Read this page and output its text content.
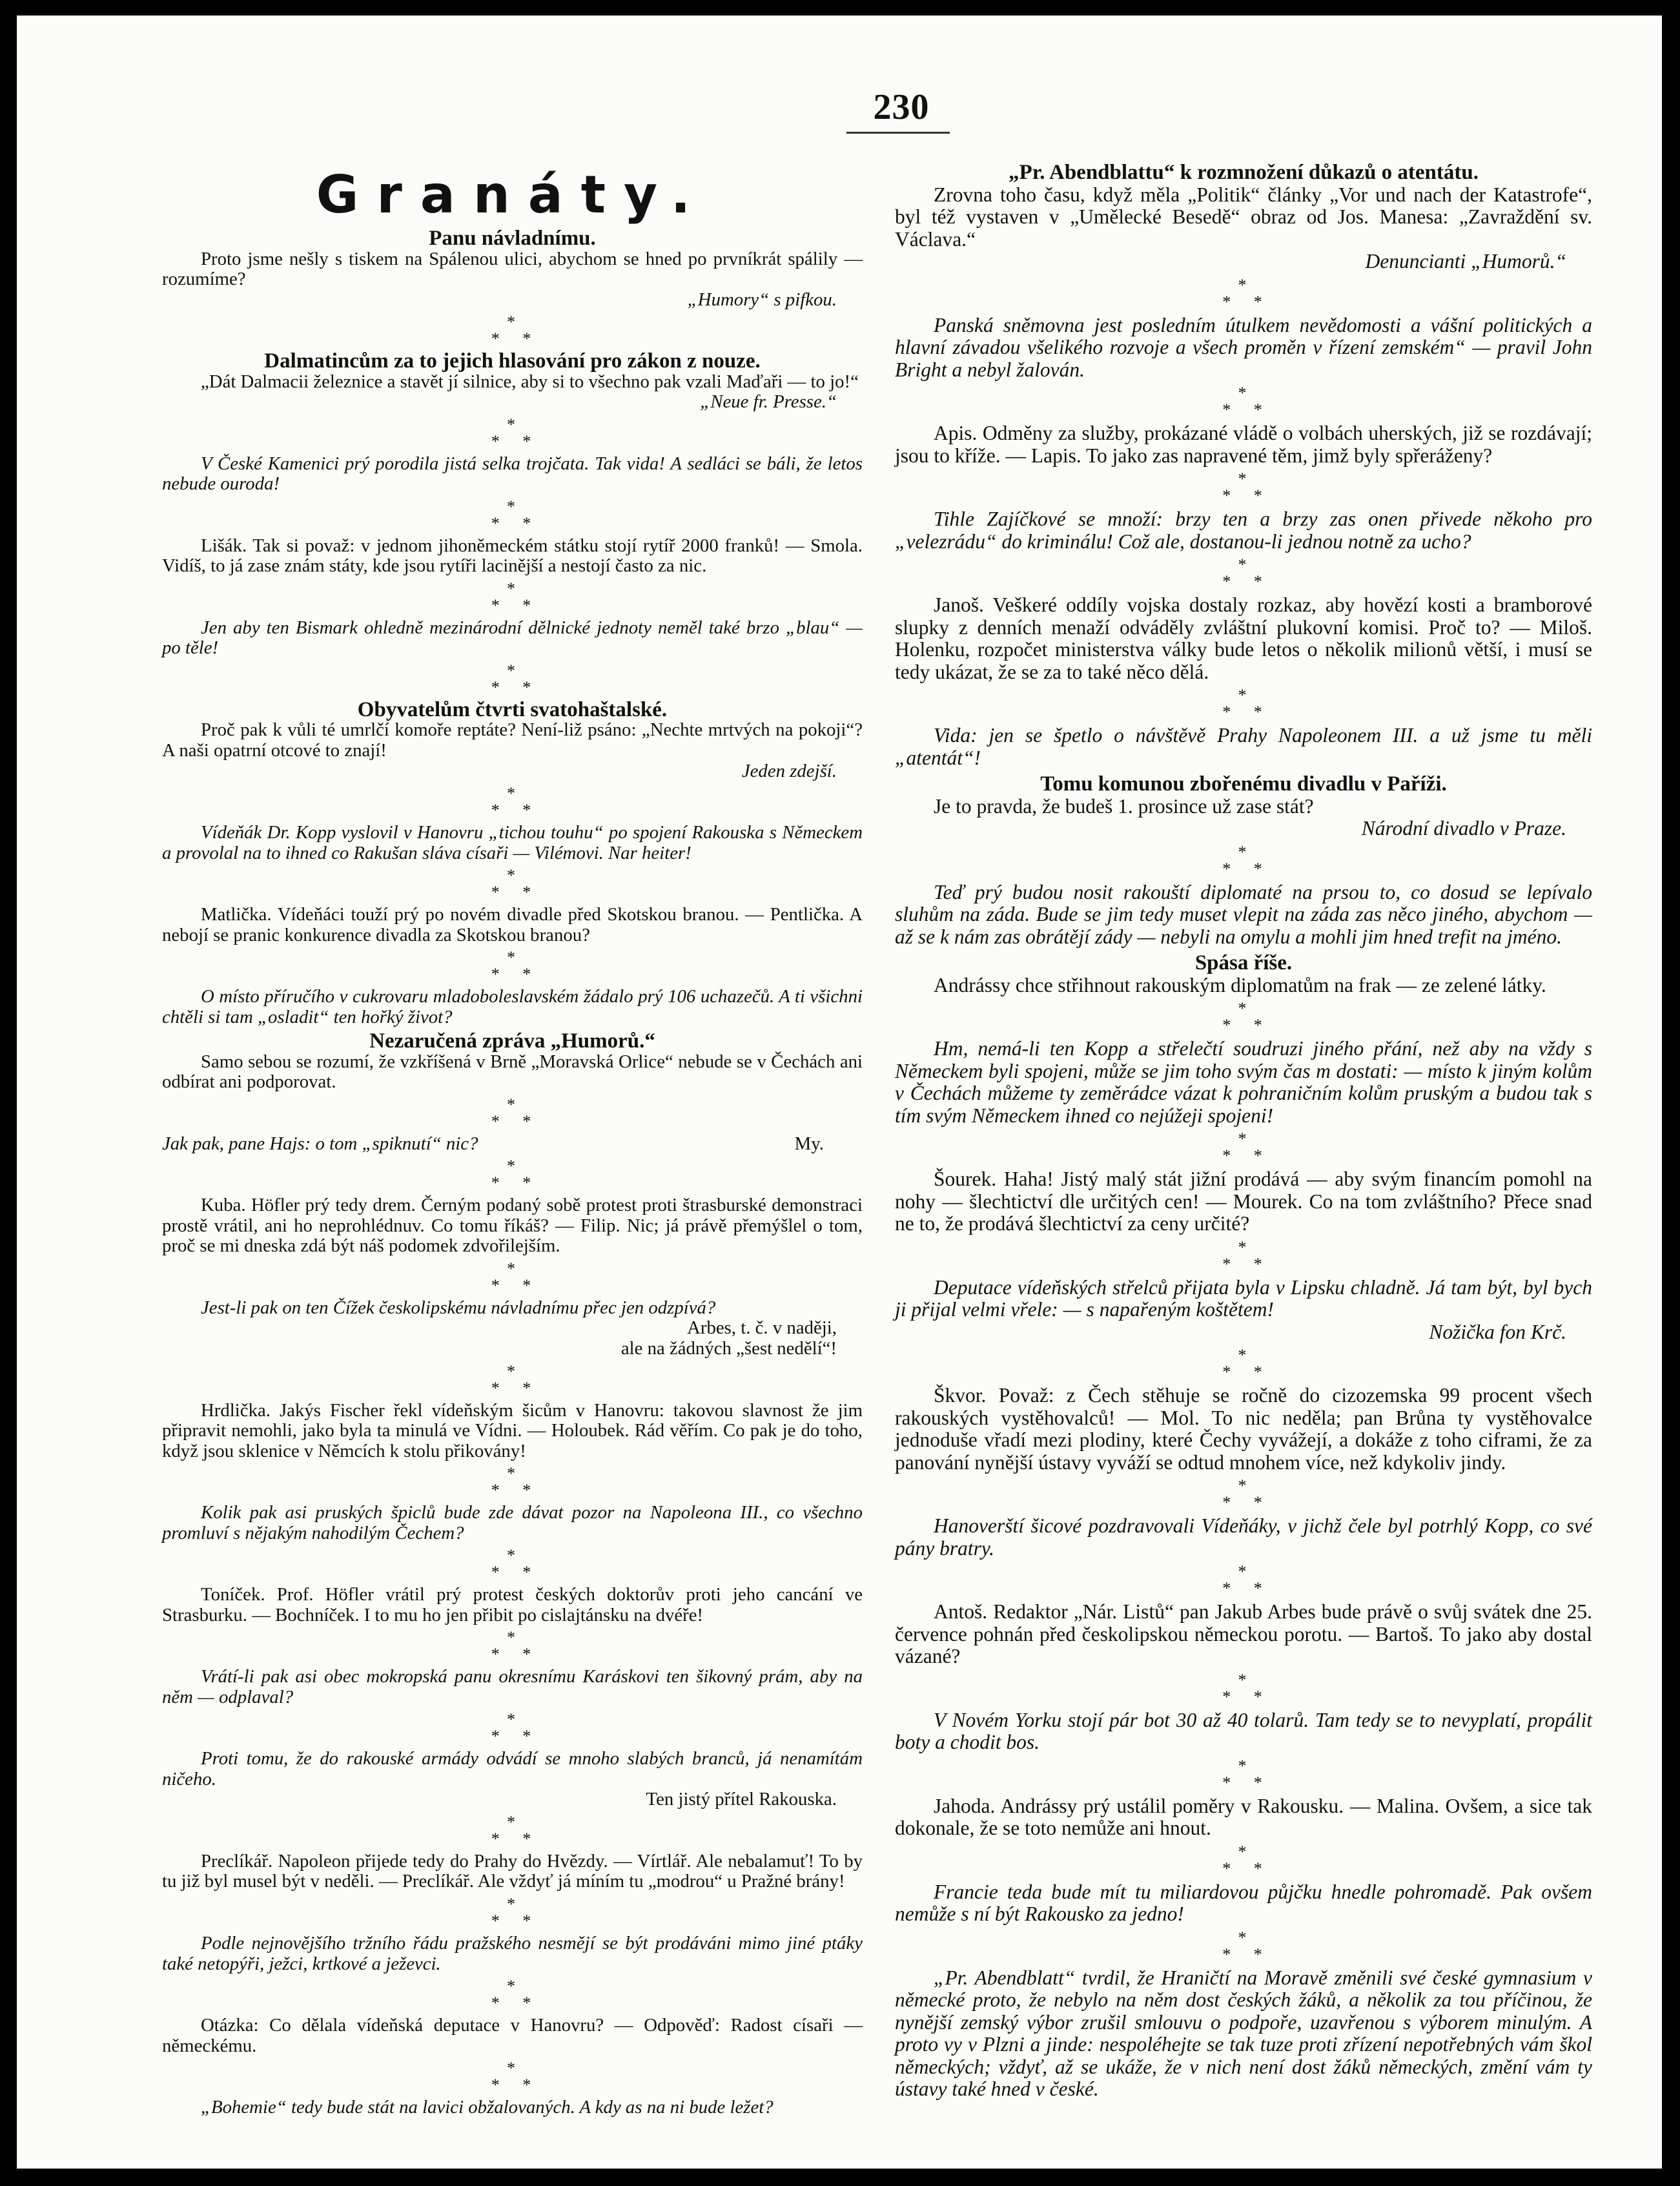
230
Granáty.
Panu návladnímu.
Proto jsme nešly s tiskem na Spálenou ulici, abychom se hned po prvníkrát spálily — rozumíme?
„Humory“ s pifkou.
*
*   *
Dalmatincům za to jejich hlasování pro zákon z nouze.
„Dát Dalmacii železnice a stavět jí silnice, aby si to všechno pak vzali Maďaři — to jo!“
„Neue fr. Presse.“
*
*   *
V České Kamenici prý porodila jistá selka trojčata. Tak vida! A sedláci se báli, že letos nebude ouroda!
*
*   *
Lišák. Tak si považ: v jednom jihoněmeckém státku stojí rytíř 2000 franků! — Smola. Vidíš, to já zase znám státy, kde jsou rytíři lacinější a nestojí často za nic.
*
*   *
Jen aby ten Bismark ohledně mezinárodní dělnické jednoty neměl také brzo „blau“ — po těle!
*
*   *
Obyvatelům čtvrti svatohaštalské.
Proč pak k vůli té umrlčí komoře reptáte? Není-liž psáno: „Nechte mrtvých na pokoji“? A naši opatrní otcové to znají!
Jeden zdejší.
*
*   *
Vídeňák Dr. Kopp vyslovil v Hanovru „tichou touhu“ po spojení Rakouska s Německem a provolal na to ihned co Rakušan sláva císaři — Vilémovi. Nar heiter!
*
*   *
Matlička. Vídeňáci touží prý po novém divadle před Skotskou branou. — Pentlička. A nebojí se pranic konkurence divadla za Skotskou branou?
*
*   *
O místo příručího v cukrovaru mladoboleslavském žádalo prý 106 uchazečů. A ti všichni chtěli si tam „osladit“ ten hořký život?
Nezaručená zpráva „Humorů.“
Samo sebou se rozumí, že vzkříšená v Brně „Moravská Orlice“ nebude se v Čechách ani odbírat ani podporovat.
*
*   *
Jak pak, pane Hajs: o tom „spiknutí“ nic?	My.
*
*   *
Kuba. Höfler prý tedy drem. Černým podaný sobě protest proti štrasburské demonstraci prostě vrátil, ani ho neprohlédnuv. Co tomu říkáš? — Filip. Nic; já právě přemýšlel o tom, proč se mi dneska zdá být náš podomek zdvořilejším.
*
*   *
Jest-li pak on ten Čížek českolipskému návladnímu přec jen odzpívá?
Arbes, t. č. v naději,
ale na žádných „šest nedělí“!
*
*   *
Hrdlička. Jakýs Fischer řekl vídeňským šicům v Hanovru: takovou slavnost že jim připravit nemohli, jako byla ta minulá ve Vídni. — Holoubek. Rád věřím. Co pak je do toho, když jsou sklenice v Němcích k stolu přikovány!
*
*   *
Kolik pak asi pruských špiclů bude zde dávat pozor na Napoleona III., co všechno promluví s nějakým nahodilým Čechem?
*
*   *
Toníček. Prof. Höfler vrátil prý protest českých doktorův proti jeho cancání ve Strasburku. — Bochníček. I to mu ho jen přibit po cislajtánsku na dvéře!
*
*   *
Vrátí-li pak asi obec mokropská panu okresnímu Karáskovi ten šikovný prám, aby na něm — odplaval?
*
*   *
Proti tomu, že do rakouské armády odvádí se mnoho slabých branců, já nenamítám ničeho.
Ten jistý přítel Rakouska.
*
*   *
Preclíkář. Napoleon přijede tedy do Prahy do Hvězdy. — Vírtlář. Ale nebalamuť! To by tu již byl musel být v neděli. — Preclíkář. Ale vždyť já míním tu „modrou“ u Pražné brány!
*
*   *
Podle nejnovějšího tržního řádu pražského nesmějí se být prodáváni mimo jiné ptáky také netopýři, ježci, krtkové a ježevci.
*
*   *
Otázka: Co dělala vídeňská deputace v Hanovru? — Odpověď: Radost císaři — německému.
*
*   *
„Bohemie“ tedy bude stát na lavici obžalovaných. A kdy as na ni bude ležet?
„Pr. Abendblattu“ k rozmnožení důkazů o atentátu.
Zrovna toho času, když měla „Politik“ články „Vor und nach der Katastrofe“, byl též vystaven v „Umělecké Besedě“ obraz od Jos. Manesa: „Zavraždění sv. Václava.“
Denuncianti „Humorů.“
*
*   *
Panská sněmovna jest posledním útulkem nevědomosti a vášní politických a hlavní závadou všelikého rozvoje a všech proměn v řízení zemském“ — pravil John Bright a nebyl žalován.
*
*   *
Apis. Odměny za služby, prokázané vládě o volbách uherských, již se rozdávají; jsou to kříže. — Lapis. To jako zas napravené těm, jimž byly spřeráženy?
*
*   *
Tihle Zajíčkové se množí: brzy ten a brzy zas onen přivede někoho pro „velezrádu“ do kriminálu! Což ale, dostanou-li jednou notně za ucho?
*
*   *
Janoš. Veškeré oddíly vojska dostaly rozkaz, aby hovězí kosti a bramborové slupky z denních menaží odváděly zvláštní plukovní komisi. Proč to? — Miloš. Holenku, rozpočet ministerstva války bude letos o několik milionů větší, i musí se tedy ukázat, že se za to také něco dělá.
*
*   *
Vida: jen se špetlo o návštěvě Prahy Napoleonem III. a už jsme tu měli „atentát“!
Tomu komunou zbořenému divadlu v Paříži.
Je to pravda, že budeš 1. prosince už zase stát?
Národní divadlo v Praze.
*
*   *
Teď prý budou nosit rakouští diplomaté na prsou to, co dosud se lepívalo sluhům na záda. Bude se jim tedy muset vlepit na záda zas něco jiného, abychom — až se k nám zas obrátějí zády — nebyli na omylu a mohli jim hned trefit na jméno.
Spása říše.
Andrássy chce střihnout rakouským diplomatům na frak — ze zelené látky.
*
*   *
Hm, nemá-li ten Kopp a střelečtí soudruzi jiného přání, než aby na vždy s Německem byli spojeni, může se jim toho svým čas m dostati: — místo k jiným kolům v Čechách můžeme ty zeměrádce vázat k pohraničním kolům pruským a budou tak s tím svým Německem ihned co nejúžeji spojeni!
*
*   *
Šourek. Haha! Jistý malý stát jižní prodává — aby svým financím pomohl na nohy — šlechtictví dle určitých cen! — Mourek. Co na tom zvláštního? Přece snad ne to, že prodává šlechtictví za ceny určité?
*
*   *
Deputace vídeňských střelců přijata byla v Lipsku chladně. Já tam být, byl bych ji přijal velmi vřele: — s napařeným koštětem!
Nožička fon Krč.
*
*   *
Škvor. Považ: z Čech stěhuje se ročně do cizozemska 99 procent všech rakouských vystěhovalců! — Mol. To nic neděla; pan Brůna ty vystěhovalce jednoduše vřadí mezi plodiny, které Čechy vyvážejí, a dokáže z toho ciframi, že za panování nynější ústavy vyváží se odtud mnohem více, než kdykoliv jindy.
*
*   *
Hanoverští šicové pozdravovali Vídeňáky, v jichž čele byl potrhlý Kopp, co své pány bratry.
*
*   *
Antoš. Redaktor „Nár. Listů“ pan Jakub Arbes bude právě o svůj svátek dne 25. července pohnán před českolipskou německou porotu. — Bartoš. To jako aby dostal vázané?
*
*   *
V Novém Yorku stojí pár bot 30 až 40 tolarů. Tam tedy se to nevyplatí, propálit boty a chodit bos.
*
*   *
Jahoda. Andrássy prý ustálil poměry v Rakousku. — Malina. Ovšem, a sice tak dokonale, že se toto nemůže ani hnout.
*
*   *
Francie teda bude mít tu miliardovou půjčku hnedle pohromadě. Pak ovšem nemůže s ní být Rakousko za jedno!
*
*   *
„Pr. Abendblatt“ tvrdil, že Hraničtí na Moravě změnili své české gymnasium v německé proto, že nebylo na něm dost českých žáků, a několik za tou příčinou, že nynější zemský výbor zrušil smlouvu o podpoře, uzavřenou s výborem minulým. A proto vy v Plzni a jinde: nespoléhejte se tak tuze proti zřízení nepotřebných vám škol německých; vždyť, až se ukáže, že v nich není dost žáků německých, změní vám ty ústavy také hned v české.
